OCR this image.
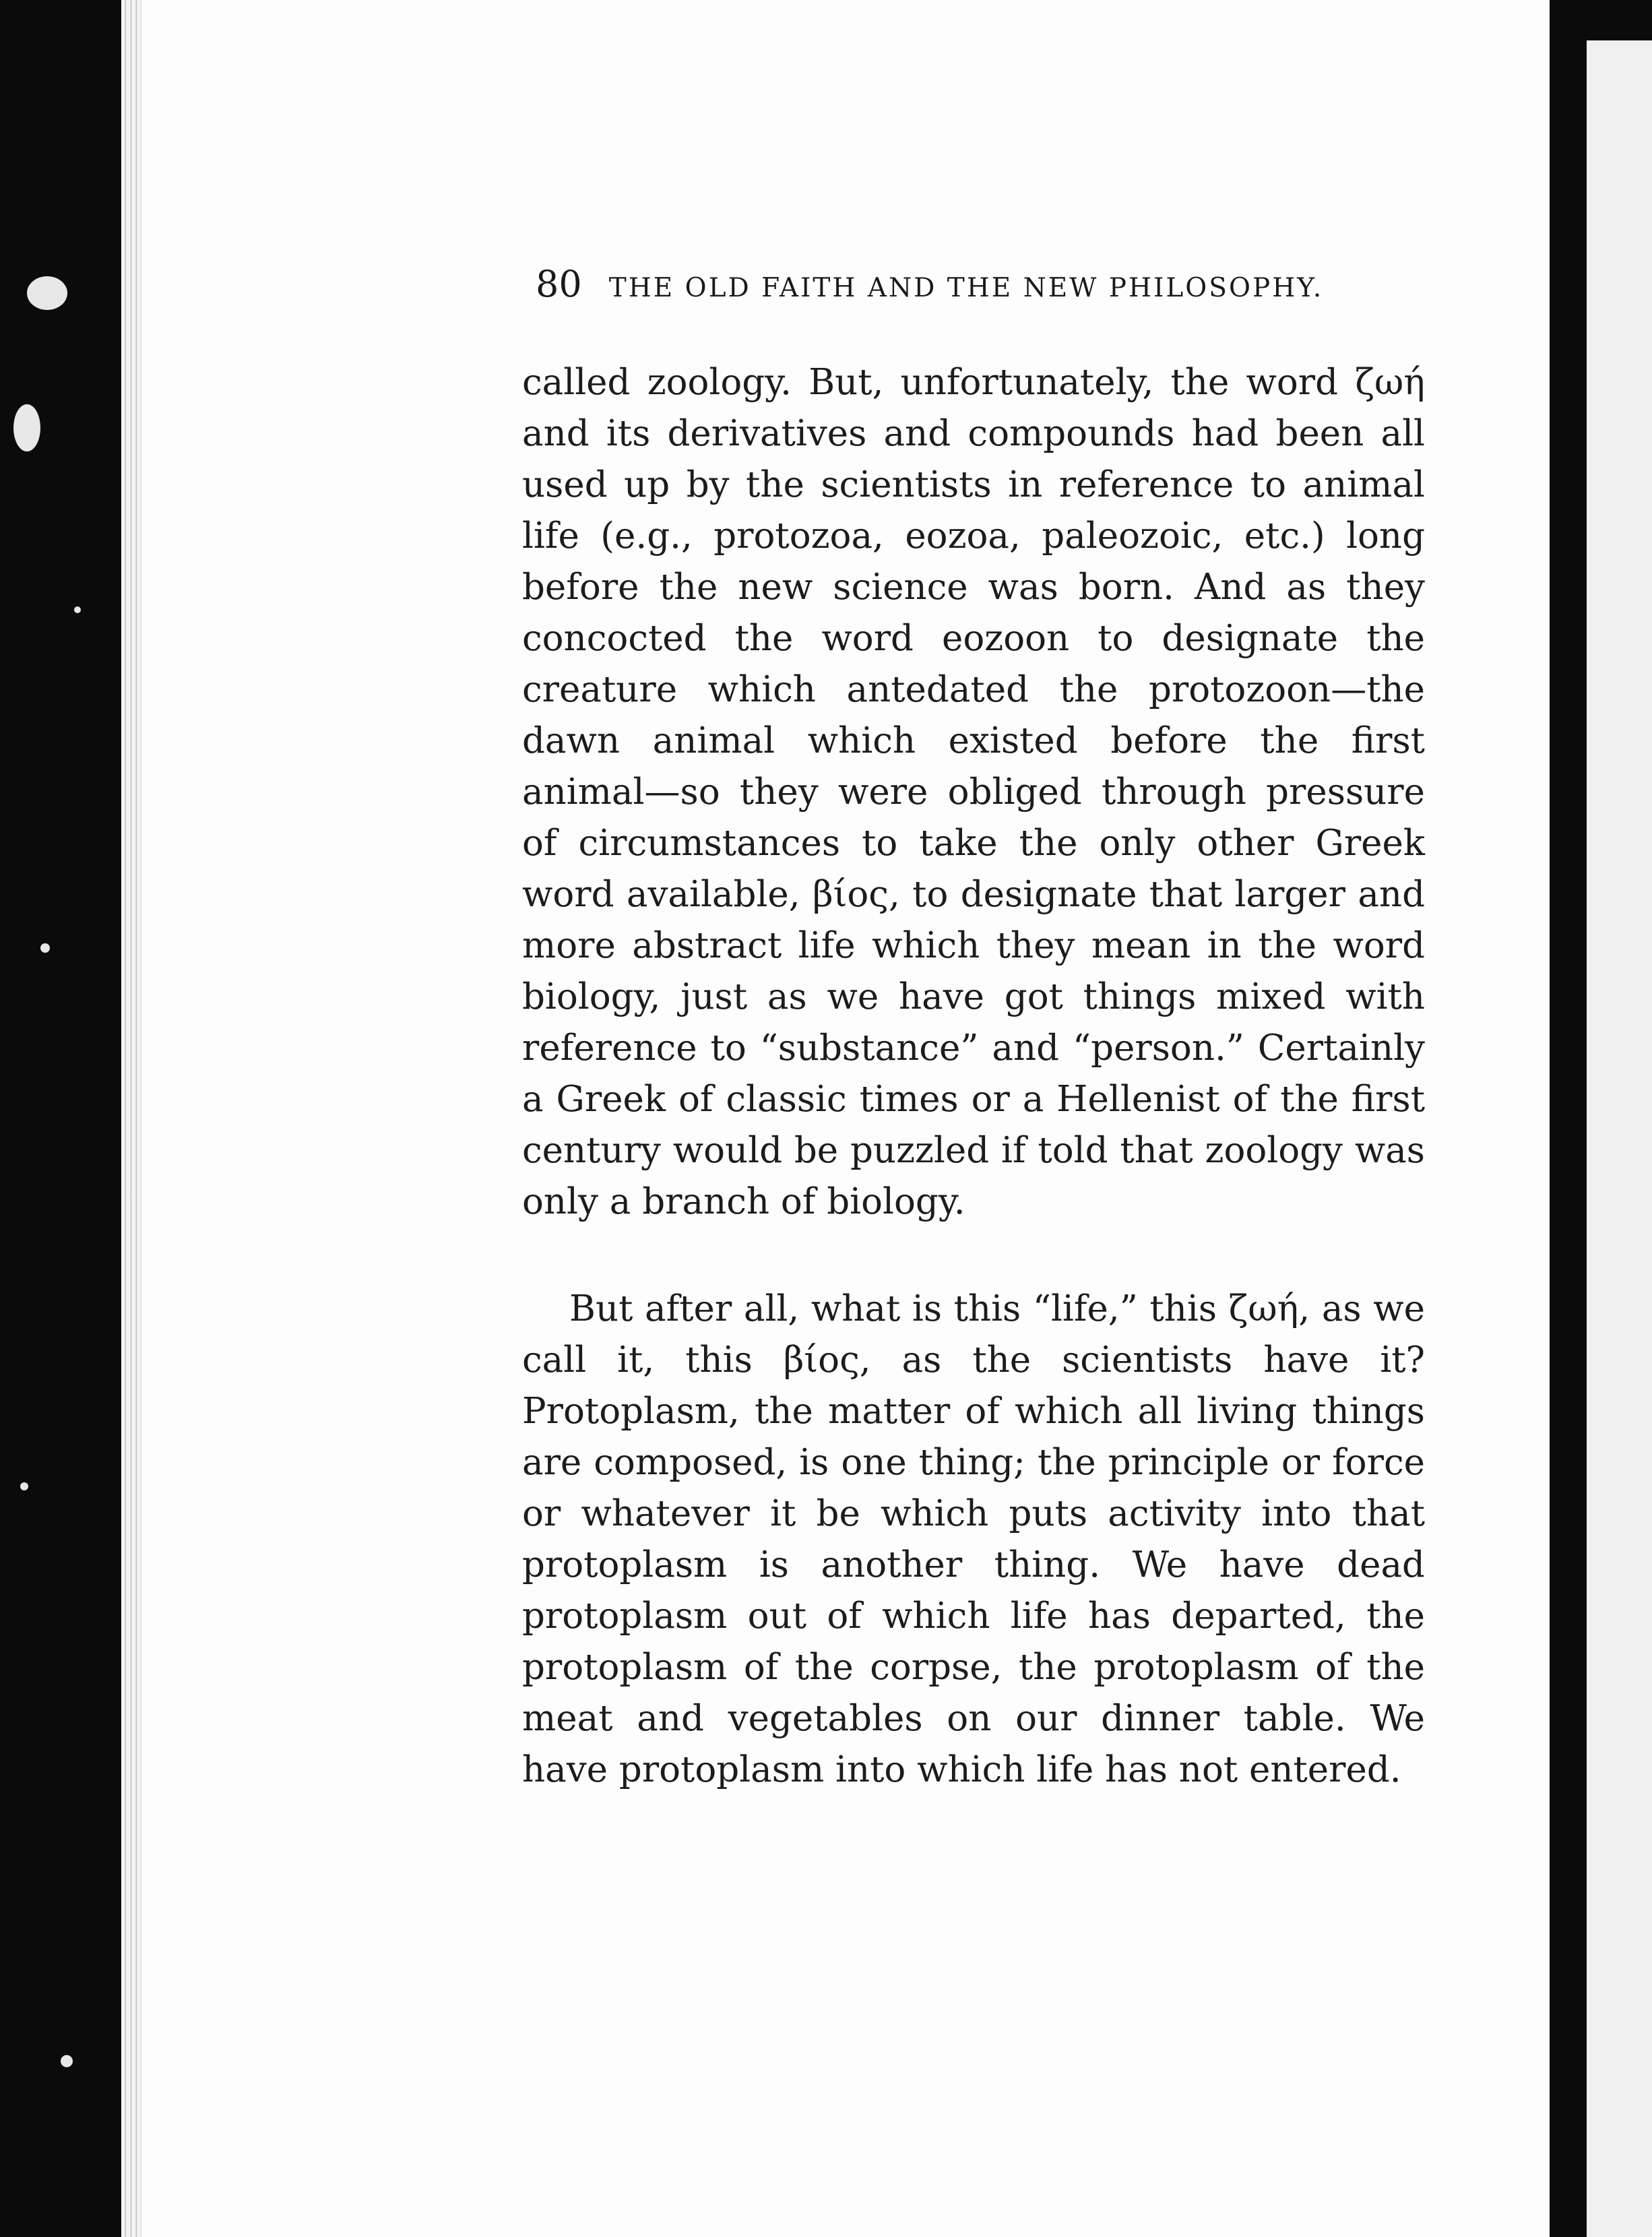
80 THE OLD FAITH AND THE NEW PHILOSOPHY.

called zoology. But, unfortunately, the word ζωή and its derivatives and compounds had been all used up by the scientists in reference to animal life (e.g., protozoa, eozoa, paleozoic, etc.) long before the new science was born. And as they concocted the word eozoon to designate the creature which antedated the protozoon—the dawn animal which existed before the first animal—so they were obliged through pressure of circumstances to take the only other Greek word available, βίος, to designate that larger and more abstract life which they mean in the word biology, just as we have got things mixed with reference to “substance” and “person.” Certainly a Greek of classic times or a Hellenist of the first century would be puzzled if told that zoology was only a branch of biology.

But after all, what is this “life,” this ζωή, as we call it, this βίος, as the scientists have it? Protoplasm, the matter of which all living things are composed, is one thing; the principle or force or whatever it be which puts activity into that protoplasm is another thing. We have dead protoplasm out of which life has departed, the protoplasm of the corpse, the protoplasm of the meat and vegetables on our dinner table. We have protoplasm into which life has not entered.
